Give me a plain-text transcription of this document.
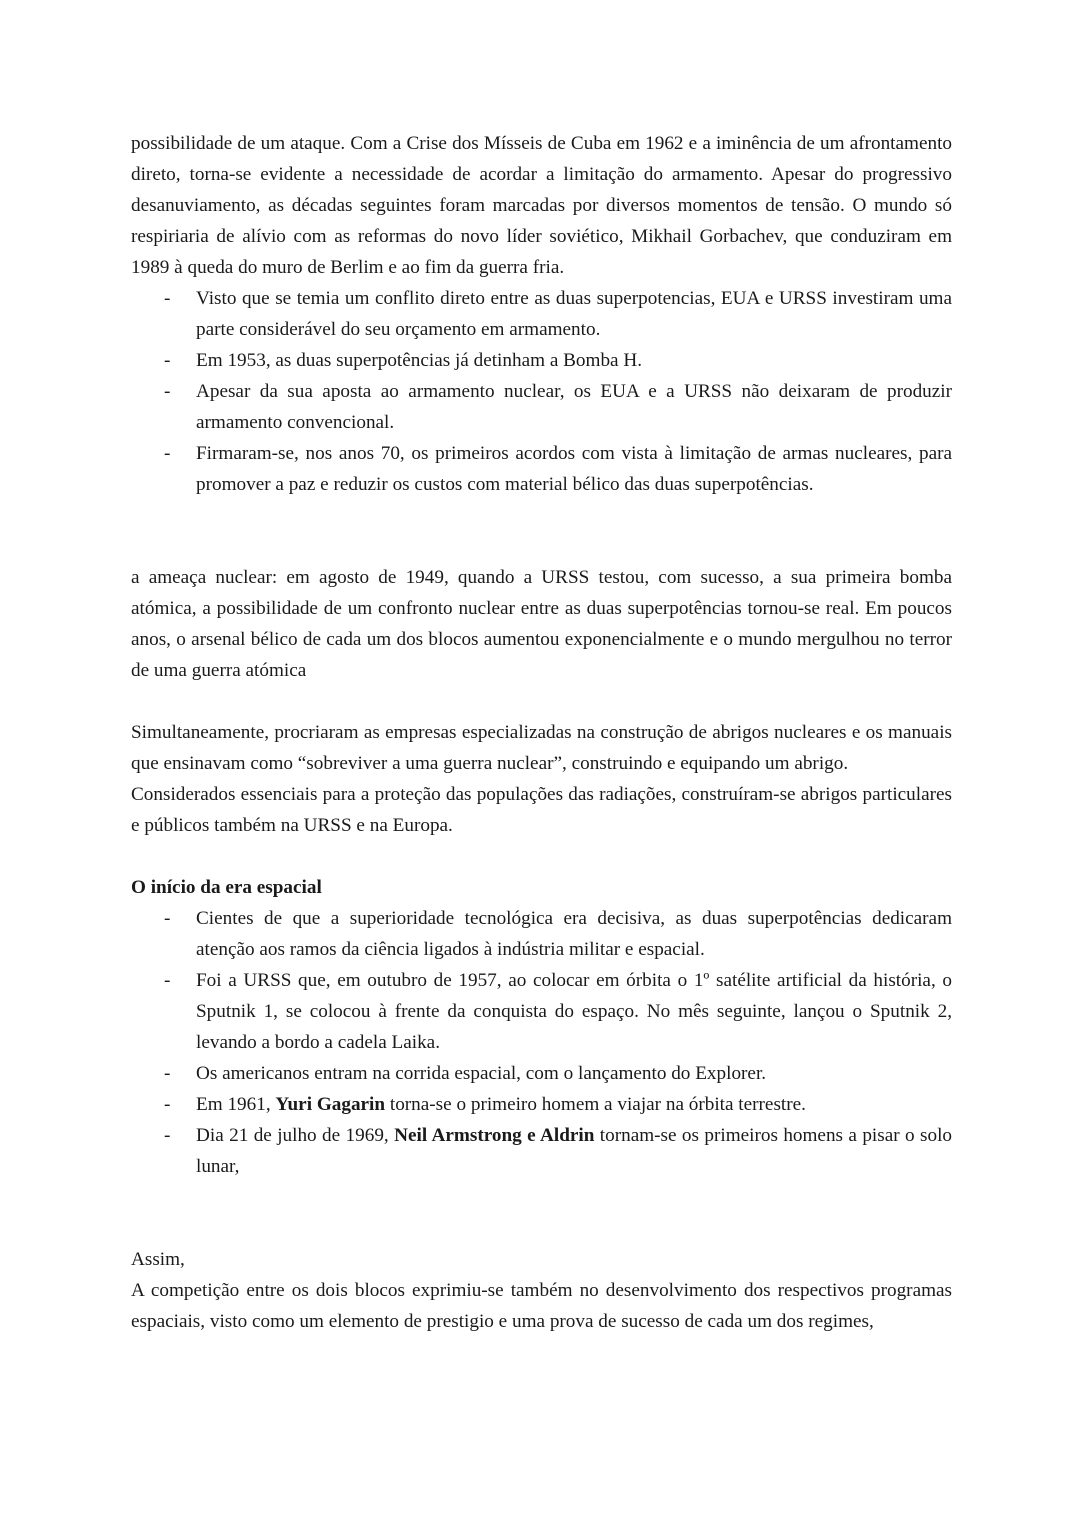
possibilidade de um ataque. Com a Crise dos Mísseis de Cuba em 1962 e a iminência de um afrontamento direto, torna-se evidente a necessidade de acordar a limitação do armamento. Apesar do progressivo desanuviamento, as décadas seguintes foram marcadas por diversos momentos de tensão. O mundo só respiriaria de alívio com as reformas do novo líder soviético, Mikhail Gorbachev, que conduziram em 1989 à queda do muro de Berlim e ao fim da guerra fria.

- Visto que se temia um conflito direto entre as duas superpotencias, EUA e URSS investiram uma parte considerável do seu orçamento em armamento.
- Em 1953, as duas superpotências já detinham a Bomba H.
- Apesar da sua aposta ao armamento nuclear, os EUA e a URSS não deixaram de produzir armamento convencional.
- Firmaram-se, nos anos 70, os primeiros acordos com vista à limitação de armas nucleares, para promover a paz e reduzir os custos com material bélico das duas superpotências.

a ameaça nuclear: em agosto de 1949, quando a URSS testou, com sucesso, a sua primeira bomba atómica, a possibilidade de um confronto nuclear entre as duas superpotências tornou-se real. Em poucos anos, o arsenal bélico de cada um dos blocos aumentou exponencialmente e o mundo mergulhou no terror de uma guerra atómica

Simultaneamente, procriaram as empresas especializadas na construção de abrigos nucleares e os manuais que ensinavam como “sobreviver a uma guerra nuclear”, construindo e equipando um abrigo.

Considerados essenciais para a proteção das populações das radiações, construíram-se abrigos particulares e públicos também na URSS e na Europa.

O início da era espacial

- Cientes de que a superioridade tecnológica era decisiva, as duas superpotências dedicaram atenção aos ramos da ciência ligados à indústria militar e espacial.
- Foi a URSS que, em outubro de 1957, ao colocar em órbita o 1º satélite artificial da história, o Sputnik 1, se colocou à frente da conquista do espaço. No mês seguinte, lançou o Sputnik 2, levando a bordo a cadela Laika.
- Os americanos entram na corrida espacial, com o lançamento do Explorer.
- Em 1961, Yuri Gagarin torna-se o primeiro homem a viajar na órbita terrestre.
- Dia 21 de julho de 1969, Neil Armstrong e Aldrin tornam-se os primeiros homens a pisar o solo lunar,

Assim,

A competição entre os dois blocos exprimiu-se também no desenvolvimento dos respectivos programas espaciais, visto como um elemento de prestigio e uma prova de sucesso de cada um dos regimes,
